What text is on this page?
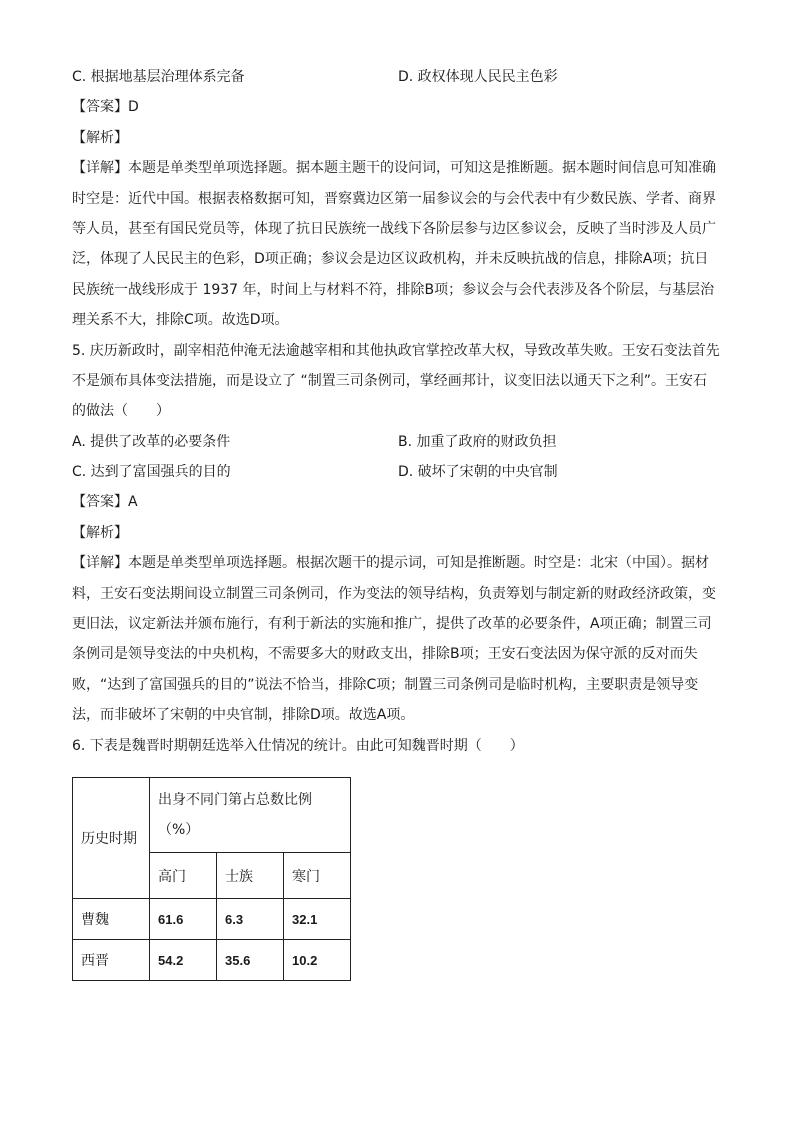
C. 根据地基层治理体系完备	D. 政权体现人民民主色彩
【答案】D
【解析】
【详解】本题是单类型单项选择题。据本题主题干的设问词，可知这是推断题。据本题时间信息可知准确
时空是：近代中国。根据表格数据可知，晋察冀边区第一届参议会的与会代表中有少数民族、学者、商界
等人员，甚至有国民党员等，体现了抗日民族统一战线下各阶层参与边区参议会，反映了当时涉及人员广
泛，体现了人民民主的色彩，D项正确；参议会是边区议政机构，并未反映抗战的信息，排除A项；抗日
民族统一战线形成于 1937 年，时间上与材料不符，排除B项；参议会与会代表涉及各个阶层，与基层治
理关系不大，排除C项。故选D项。
5. 庆历新政时，副宰相范仲淹无法逾越宰相和其他执政官掌控改革大权，导致改革失败。王安石变法首先
不是颁布具体变法措施，而是设立了 “制置三司条例司，掌经画邦计，议变旧法以通天下之利”。王安石
的做法（　　）
A. 提供了改革的必要条件	B. 加重了政府的财政负担
C. 达到了富国强兵的目的	D. 破坏了宋朝的中央官制
【答案】A
【解析】
【详解】本题是单类型单项选择题。根据次题干的提示词，可知是推断题。时空是：北宋（中国）。据材
料，王安石变法期间设立制置三司条例司，作为变法的领导结构，负责筹划与制定新的财政经济政策，变
更旧法，议定新法并颁布施行，有利于新法的实施和推广，提供了改革的必要条件，A项正确；制置三司
条例司是领导变法的中央机构，不需要多大的财政支出，排除B项；王安石变法因为保守派的反对而失
败，“达到了富国强兵的目的”说法不恰当，排除C项；制置三司条例司是临时机构，主要职责是领导变
法，而非破坏了宋朝的中央官制，排除D项。故选A项。
6. 下表是魏晋时期朝廷选举入仕情况的统计。由此可知魏晋时期（　　）
历史时期	出身不同门第占总数比例
（%）		

	高门	士族	寒门
曹魏	61.6	6.3	32.1
西晋	54.2	35.6	10.2
